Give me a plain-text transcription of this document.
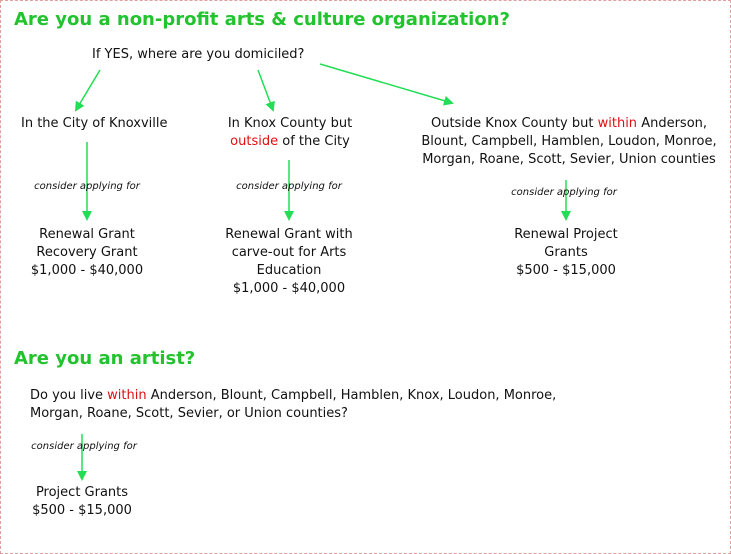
Are you a non-profit arts & culture organization?
If YES, where are you domiciled?
In the City of Knoxville	In Knox County but
outside of the City
Outside Knox County but within Anderson,
Blount, Campbell, Hamblen, Loudon, Monroe,
Morgan, Roane, Scott, Sevier, Union counties
consider applying for	consider applying for
consider applying for
Renewal Grant
Recovery Grant
$1,000 - $40,000
Renewal Grant with
carve-out for Arts
Education
$1,000 - $40,000
Renewal Project
Grants
$500 - $15,000
Are you an artist?
Do you live within Anderson, Blount, Campbell, Hamblen, Knox, Loudon, Monroe,
Morgan, Roane, Scott, Sevier, or Union counties?
consider applying for
Project Grants
$500 - $15,000
